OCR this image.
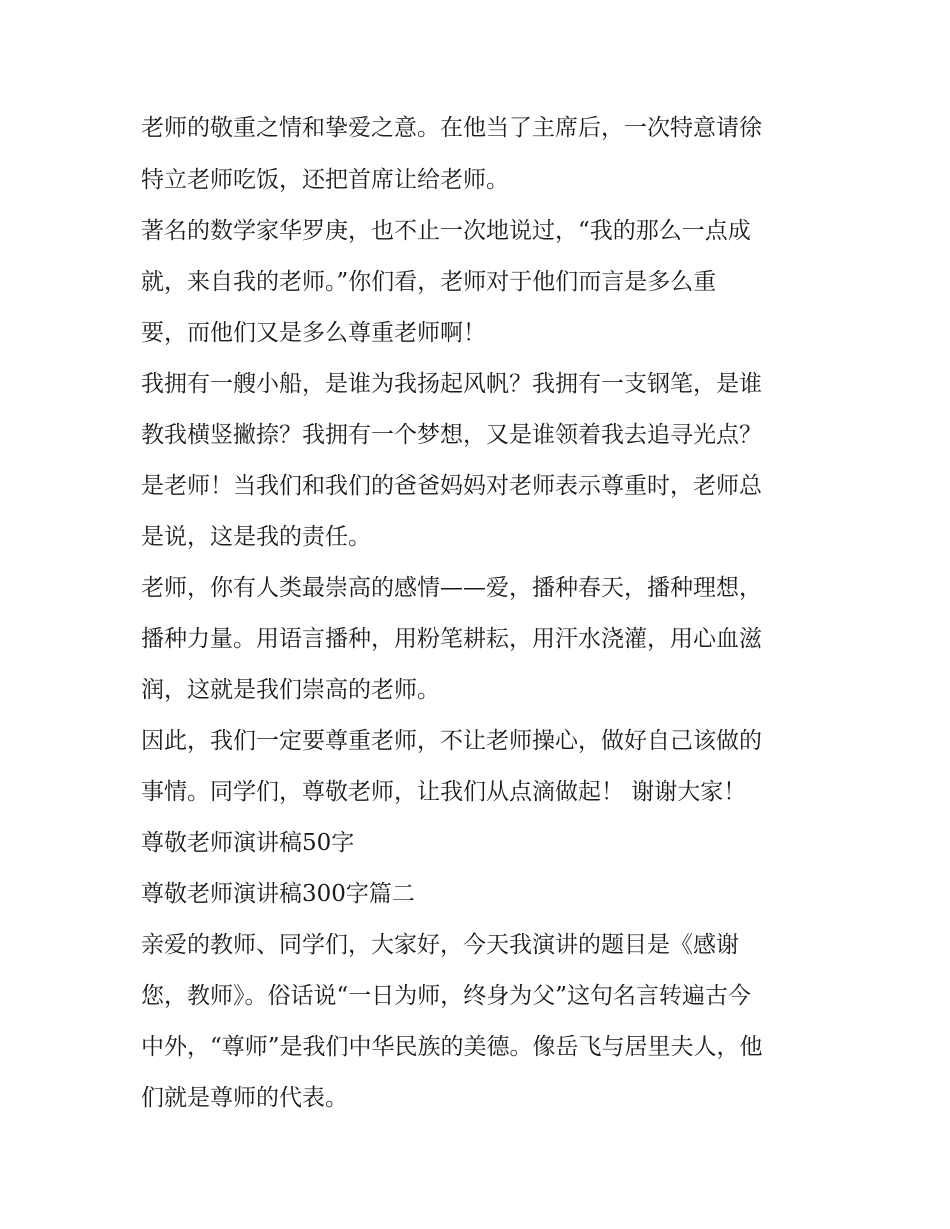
老师的敬重之情和挚爱之意。在他当了主席后，一次特意请徐
特立老师吃饭，还把首席让给老师。
著名的数学家华罗庚，也不止一次地说过，“我的那么一点成
就，来自我的老师。”你们看，老师对于他们而言是多么重
要，而他们又是多么尊重老师啊！
我拥有一艘小船，是谁为我扬起风帆？我拥有一支钢笔，是谁
教我横竖撇捺？我拥有一个梦想，又是谁领着我去追寻光点？
是老师！当我们和我们的爸爸妈妈对老师表示尊重时，老师总
是说，这是我的责任。
老师，你有人类最崇高的感情——爱，播种春天，播种理想，
播种力量。用语言播种，用粉笔耕耘，用汗水浇灌，用心血滋
润，这就是我们崇高的老师。
因此，我们一定要尊重老师，不让老师操心，做好自己该做的
事情。同学们，尊敬老师，让我们从点滴做起！ 谢谢大家！
尊敬老师演讲稿50字
尊敬老师演讲稿300字篇二
亲爱的教师、同学们，大家好，今天我演讲的题目是《感谢
您，教师》。俗话说“一日为师，终身为父”这句名言转遍古今
中外，“尊师”是我们中华民族的美德。像岳飞与居里夫人，他
们就是尊师的代表。
